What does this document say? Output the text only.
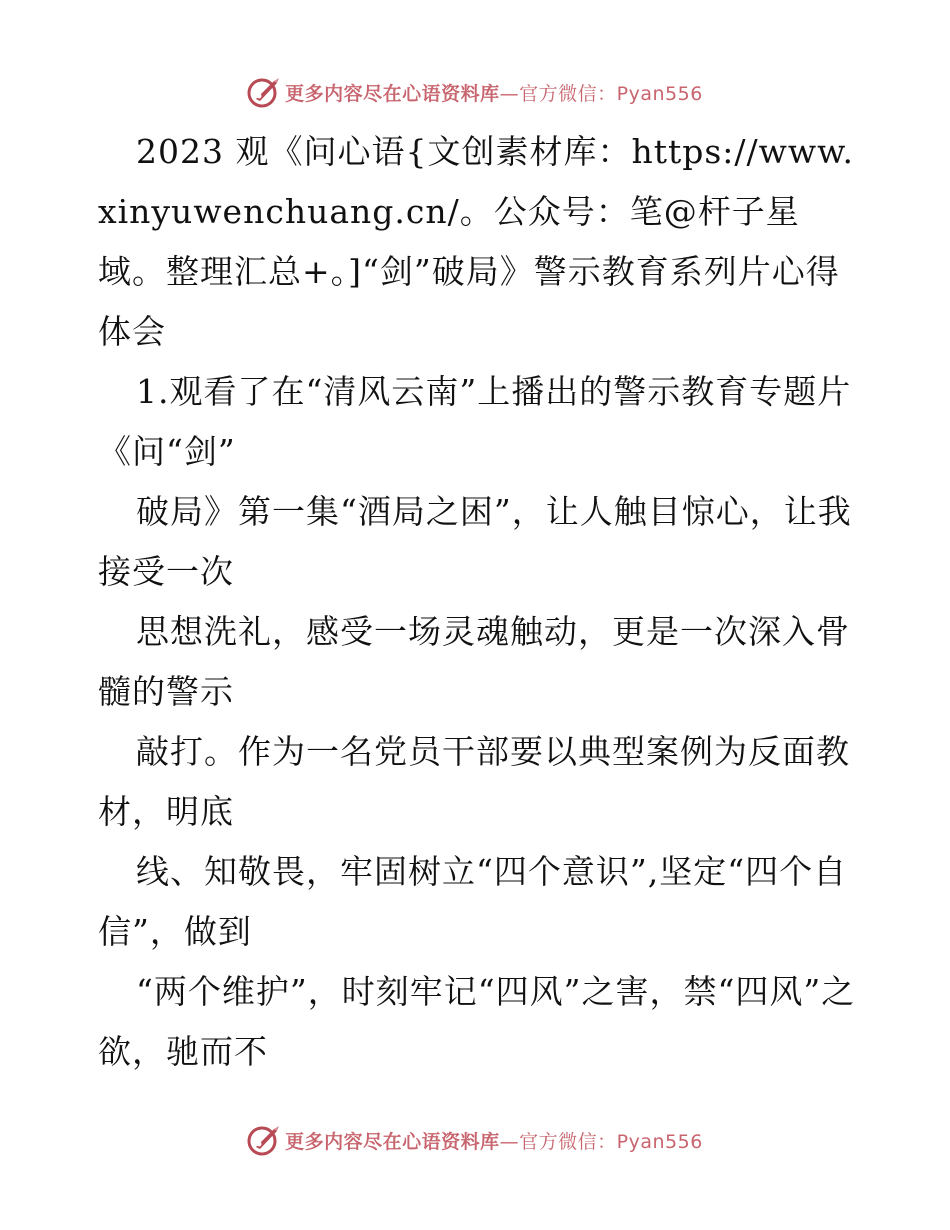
更多内容尽在心语资料库—官方微信：Pyan556

2023 观《问心语{文创素材库：https://www.xinyuwenchuang.cn/。公众号：笔@杆子星域。整理汇总+。]“剑”破局》警示教育系列片心得体会

1.观看了在“清风云南”上播出的警示教育专题片《问“剑”

破局》第一集“酒局之困”，让人触目惊心，让我接受一次

思想洗礼，感受一场灵魂触动，更是一次深入骨髓的警示

敲打。作为一名党员干部要以典型案例为反面教材，明底

线、知敬畏，牢固树立“四个意识”,坚定“四个自信”，做到

“两个维护”，时刻牢记“四风”之害，禁“四风”之欲，驰而不

更多内容尽在心语资料库—官方微信：Pyan556
